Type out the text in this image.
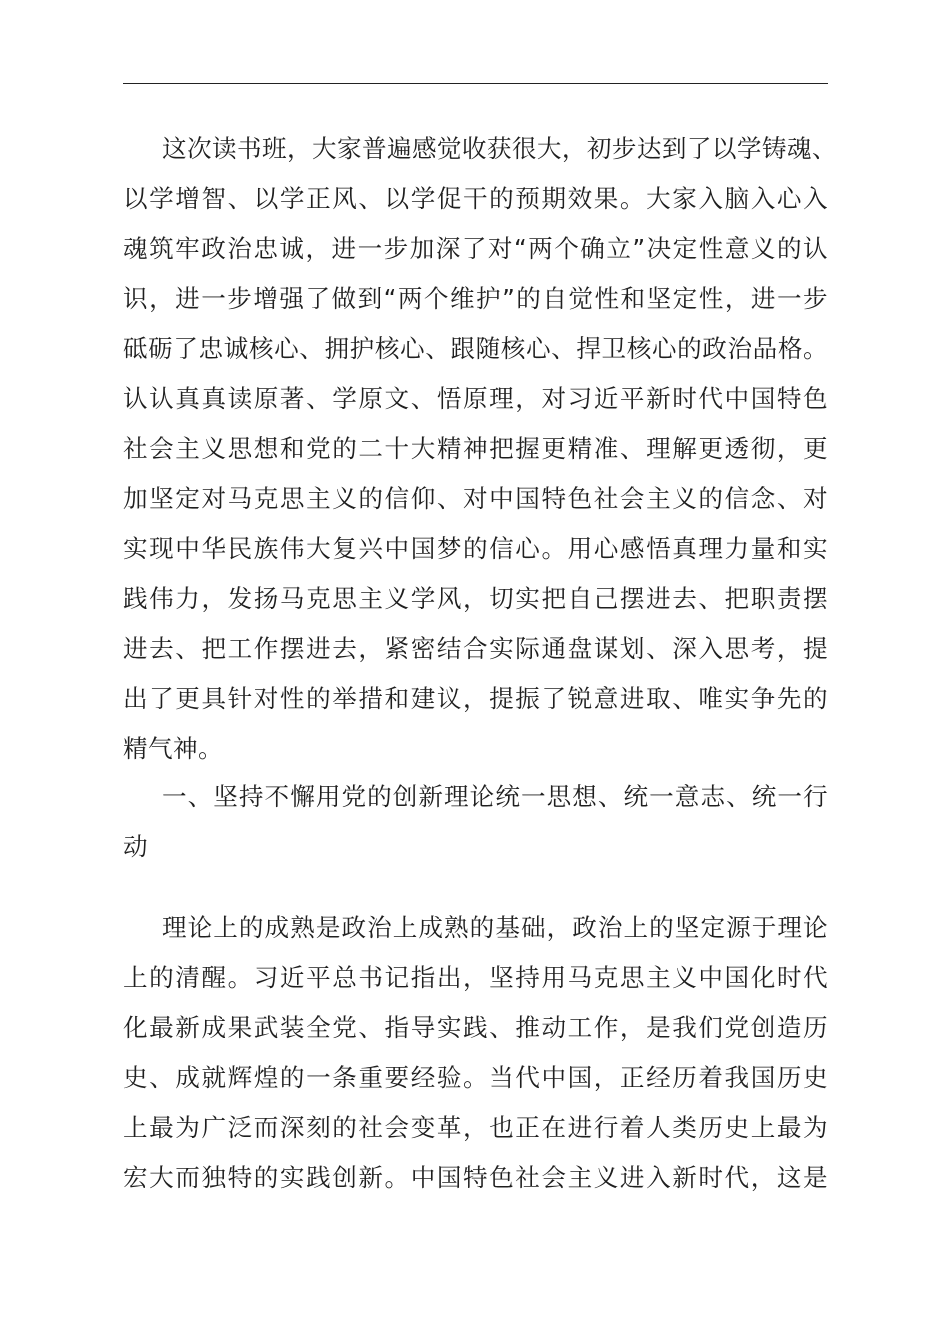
这次读书班，大家普遍感觉收获很大，初步达到了以学铸魂、
以学增智、以学正风、以学促干的预期效果。大家入脑入心入
魂筑牢政治忠诚，进一步加深了对“两个确立”决定性意义的认
识，进一步增强了做到“两个维护”的自觉性和坚定性，进一步
砥砺了忠诚核心、拥护核心、跟随核心、捍卫核心的政治品格。
认认真真读原著、学原文、悟原理，对习近平新时代中国特色
社会主义思想和党的二十大精神把握更精准、理解更透彻，更
加坚定对马克思主义的信仰、对中国特色社会主义的信念、对
实现中华民族伟大复兴中国梦的信心。用心感悟真理力量和实
践伟力，发扬马克思主义学风，切实把自己摆进去、把职责摆
进去、把工作摆进去，紧密结合实际通盘谋划、深入思考，提
出了更具针对性的举措和建议，提振了锐意进取、唯实争先的
精气神。
一、坚持不懈用党的创新理论统一思想、统一意志、统一行
动
理论上的成熟是政治上成熟的基础，政治上的坚定源于理论
上的清醒。习近平总书记指出，坚持用马克思主义中国化时代
化最新成果武装全党、指导实践、推动工作，是我们党创造历
史、成就辉煌的一条重要经验。当代中国，正经历着我国历史
上最为广泛而深刻的社会变革，也正在进行着人类历史上最为
宏大而独特的实践创新。中国特色社会主义进入新时代，这是
